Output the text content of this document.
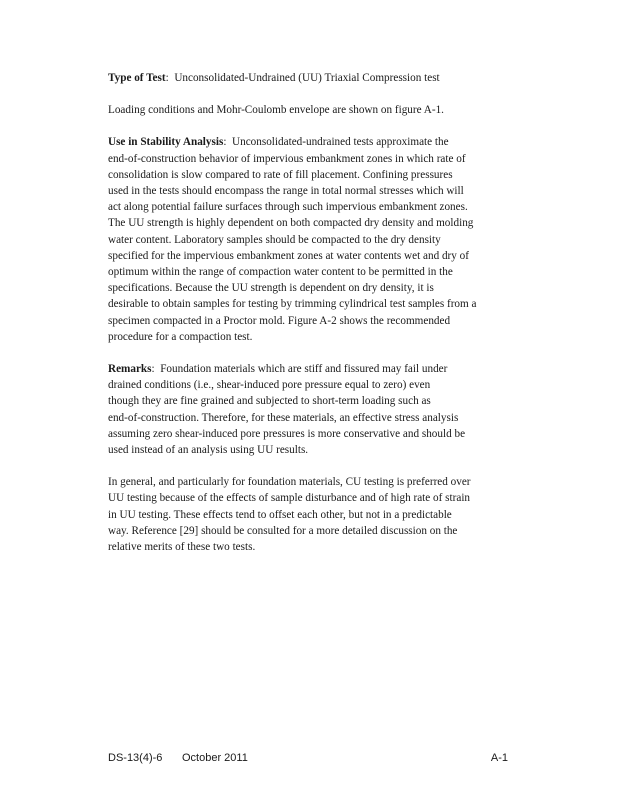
Type of Test:  Unconsolidated-Undrained (UU) Triaxial Compression test

Loading conditions and Mohr-Coulomb envelope are shown on figure A-1.

Use in Stability Analysis:  Unconsolidated-undrained tests approximate the
end-of-construction behavior of impervious embankment zones in which rate of
consolidation is slow compared to rate of fill placement. Confining pressures
used in the tests should encompass the range in total normal stresses which will
act along potential failure surfaces through such impervious embankment zones.
The UU strength is highly dependent on both compacted dry density and molding
water content. Laboratory samples should be compacted to the dry density
specified for the impervious embankment zones at water contents wet and dry of
optimum within the range of compaction water content to be permitted in the
specifications. Because the UU strength is dependent on dry density, it is
desirable to obtain samples for testing by trimming cylindrical test samples from a
specimen compacted in a Proctor mold. Figure A-2 shows the recommended
procedure for a compaction test.

Remarks:  Foundation materials which are stiff and fissured may fail under
drained conditions (i.e., shear-induced pore pressure equal to zero) even
though they are fine grained and subjected to short-term loading such as
end-of-construction. Therefore, for these materials, an effective stress analysis
assuming zero shear-induced pore pressures is more conservative and should be
used instead of an analysis using UU results.

In general, and particularly for foundation materials, CU testing is preferred over
UU testing because of the effects of sample disturbance and of high rate of strain
in UU testing. These effects tend to offset each other, but not in a predictable
way. Reference [29] should be consulted for a more detailed discussion on the
relative merits of these two tests.

DS-13(4)-6 October 2011	A-1
